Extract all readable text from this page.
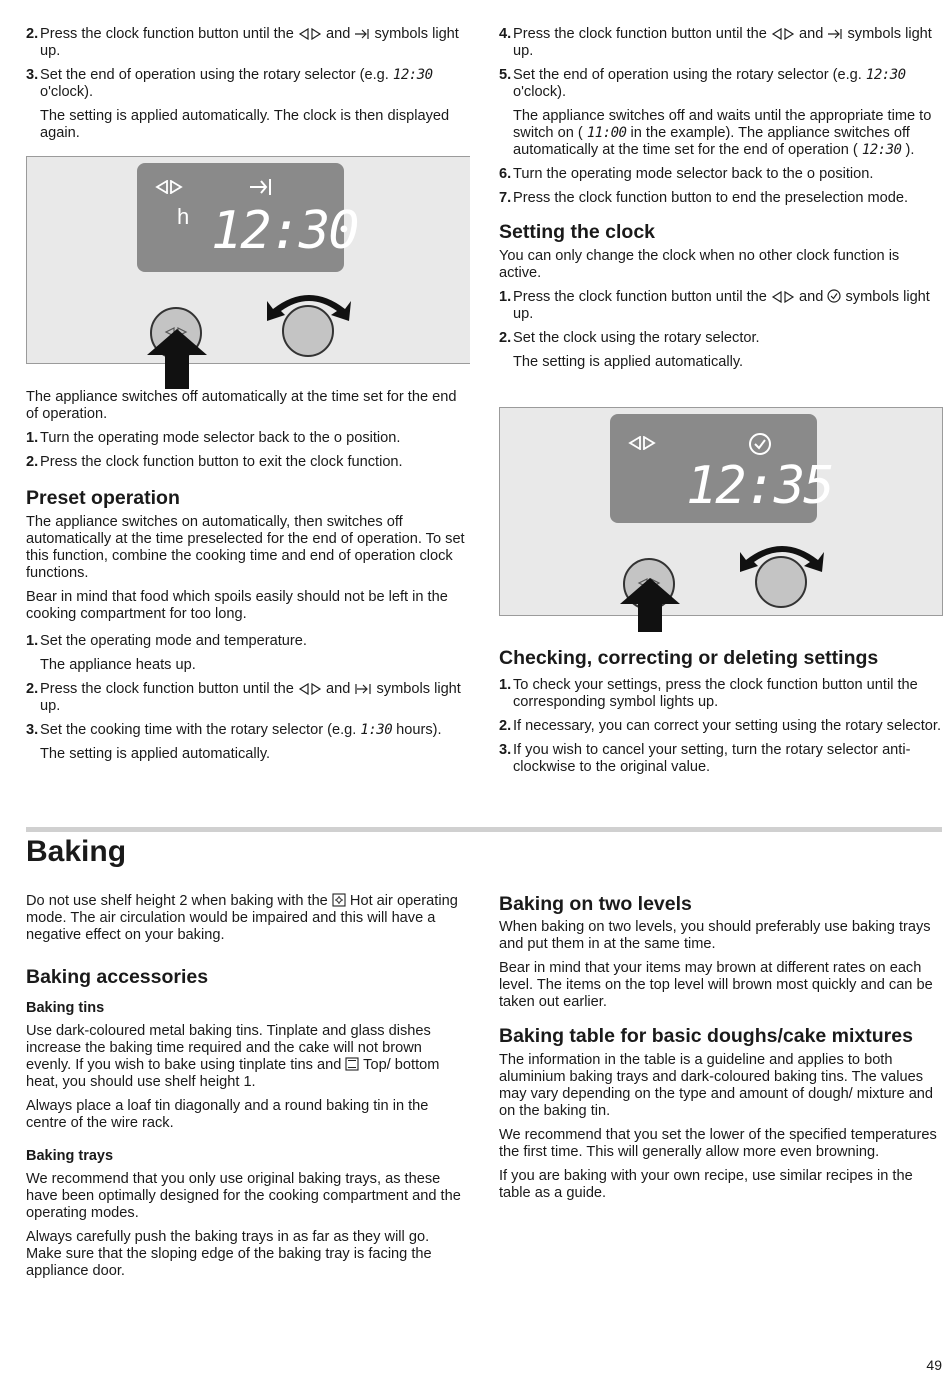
2. Press the clock function button until the  and  symbols light up.
3. Set the end of operation using the rotary selector (e.g. 12:30 o'clock).
The setting is applied automatically. The clock is then displayed again.
h 12:30

The appliance switches off automatically at the time set for the end of operation.

1. Turn the operating mode selector back to the o position.
2. Press the clock function button to exit the clock function.
Preset operation

The appliance switches on automatically, then switches off automatically at the time preselected for the end of operation. To set this function, combine the cooking time and end of operation clock functions.

Bear in mind that food which spoils easily should not be left in the cooking compartment for too long.

1. Set the operating mode and temperature.
The appliance heats up.
2. Press the clock function button until the  and  symbols light up.
3. Set the cooking time with the rotary selector (e.g. 1:30 hours).
The setting is applied automatically.
4. Press the clock function button until the  and  symbols light up.
5. Set the end of operation using the rotary selector (e.g. 12:30 o'clock).
The appliance switches off and waits until the appropriate time to switch on ( 11:00 in the example). The appliance switches off automatically at the time set for the end of operation ( 12:30 ).
6. Turn the operating mode selector back to the o position.
7. Press the clock function button to end the preselection mode.
Setting the clock

You can only change the clock when no other clock function is active.

1. Press the clock function button until the  and  symbols light up.
2. Set the clock using the rotary selector.
The setting is applied automatically.
12:35
Checking, correcting or deleting settings
1. To check your settings, press the clock function button until the corresponding symbol lights up.
2. If necessary, you can correct your setting using the rotary selector.
3. If you wish to cancel your setting, turn the rotary selector anti-clockwise to the original value.
Baking

Do not use shelf height 2 when baking with the  Hot air operating mode. The air circulation would be impaired and this will have a negative effect on your baking.

Baking accessories
Baking tins

Use dark-coloured metal baking tins. Tinplate and glass dishes increase the baking time required and the cake will not brown evenly. If you wish to bake using tinplate tins and  Top/ bottom heat, you should use shelf height 1.

Always place a loaf tin diagonally and a round baking tin in the centre of the wire rack.

Baking trays

We recommend that you only use original baking trays, as these have been optimally designed for the cooking compartment and the operating modes.

Always carefully push the baking trays in as far as they will go. Make sure that the sloping edge of the baking tray is facing the appliance door.

Baking on two levels

When baking on two levels, you should preferably use baking trays and put them in at the same time.

Bear in mind that your items may brown at different rates on each level. The items on the top level will brown most quickly and can be taken out earlier.

Baking table for basic doughs/cake mixtures

The information in the table is a guideline and applies to both aluminium baking trays and dark-coloured baking tins. The values may vary depending on the type and amount of dough/ mixture and on the baking tin.

We recommend that you set the lower of the specified temperatures the first time. This will generally allow more even browning.

If you are baking with your own recipe, use similar recipes in the table as a guide.

49
